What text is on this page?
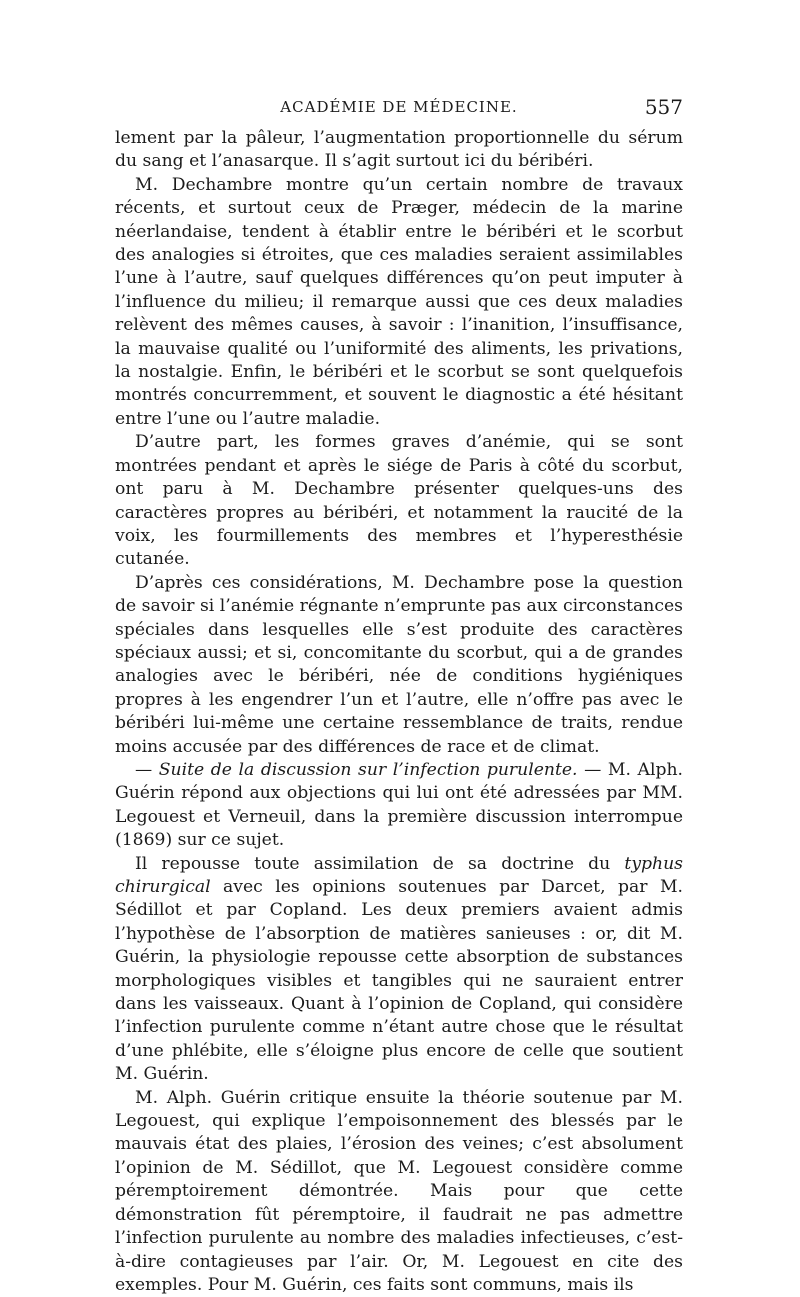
ACADÉMIE DE MÉDECINE.	557

lement par la pâleur, l’augmentation proportionnelle du sérum du sang et l’anasarque. Il s’agit surtout ici du béribéri.

M. Dechambre montre qu’un certain nombre de travaux récents, et surtout ceux de Præger, médecin de la marine néerlandaise, tendent à établir entre le béribéri et le scorbut des analogies si étroites, que ces maladies seraient assimilables l’une à l’autre, sauf quelques différences qu’on peut imputer à l’influence du milieu; il remarque aussi que ces deux maladies relèvent des mêmes causes, à savoir : l’inanition, l’insuffisance, la mauvaise qualité ou l’uniformité des aliments, les privations, la nostalgie. Enfin, le béribéri et le scorbut se sont quelquefois montrés concurremment, et souvent le diagnostic a été hésitant entre l’une ou l’autre maladie.

D’autre part, les formes graves d’anémie, qui se sont montrées pendant et après le siége de Paris à côté du scorbut, ont paru à M. Dechambre présenter quelques-uns des caractères propres au béribéri, et notamment la raucité de la voix, les fourmillements des membres et l’hyperesthésie cutanée.

D’après ces considérations, M. Dechambre pose la question de savoir si l’anémie régnante n’emprunte pas aux circonstances spéciales dans lesquelles elle s’est produite des caractères spéciaux aussi; et si, concomitante du scorbut, qui a de grandes analogies avec le béribéri, née de conditions hygiéniques propres à les engendrer l’un et l’autre, elle n’offre pas avec le béribéri lui-même une certaine ressemblance de traits, rendue moins accusée par des différences de race et de climat.

— Suite de la discussion sur l’infection purulente. — M. Alph. Guérin répond aux objections qui lui ont été adressées par MM. Legouest et Verneuil, dans la première discussion interrompue (1869) sur ce sujet.

Il repousse toute assimilation de sa doctrine du typhus chirurgical avec les opinions soutenues par Darcet, par M. Sédillot et par Copland. Les deux premiers avaient admis l’hypothèse de l’absorption de matières sanieuses : or, dit M. Guérin, la physiologie repousse cette absorption de substances morphologiques visibles et tangibles qui ne sauraient entrer dans les vaisseaux. Quant à l’opinion de Copland, qui considère l’infection purulente comme n’étant autre chose que le résultat d’une phlébite, elle s’éloigne plus encore de celle que soutient M. Guérin.

M. Alph. Guérin critique ensuite la théorie soutenue par M. Legouest, qui explique l’empoisonnement des blessés par le mauvais état des plaies, l’érosion des veines; c’est absolument l’opinion de M. Sédillot, que M. Legouest considère comme péremptoirement démontrée. Mais pour que cette démonstration fût péremptoire, il faudrait ne pas admettre l’infection purulente au nombre des maladies infectieuses, c’est-à-dire contagieuses par l’air. Or, M. Legouest en cite des exemples. Pour M. Guérin, ces faits sont communs, mais ils
